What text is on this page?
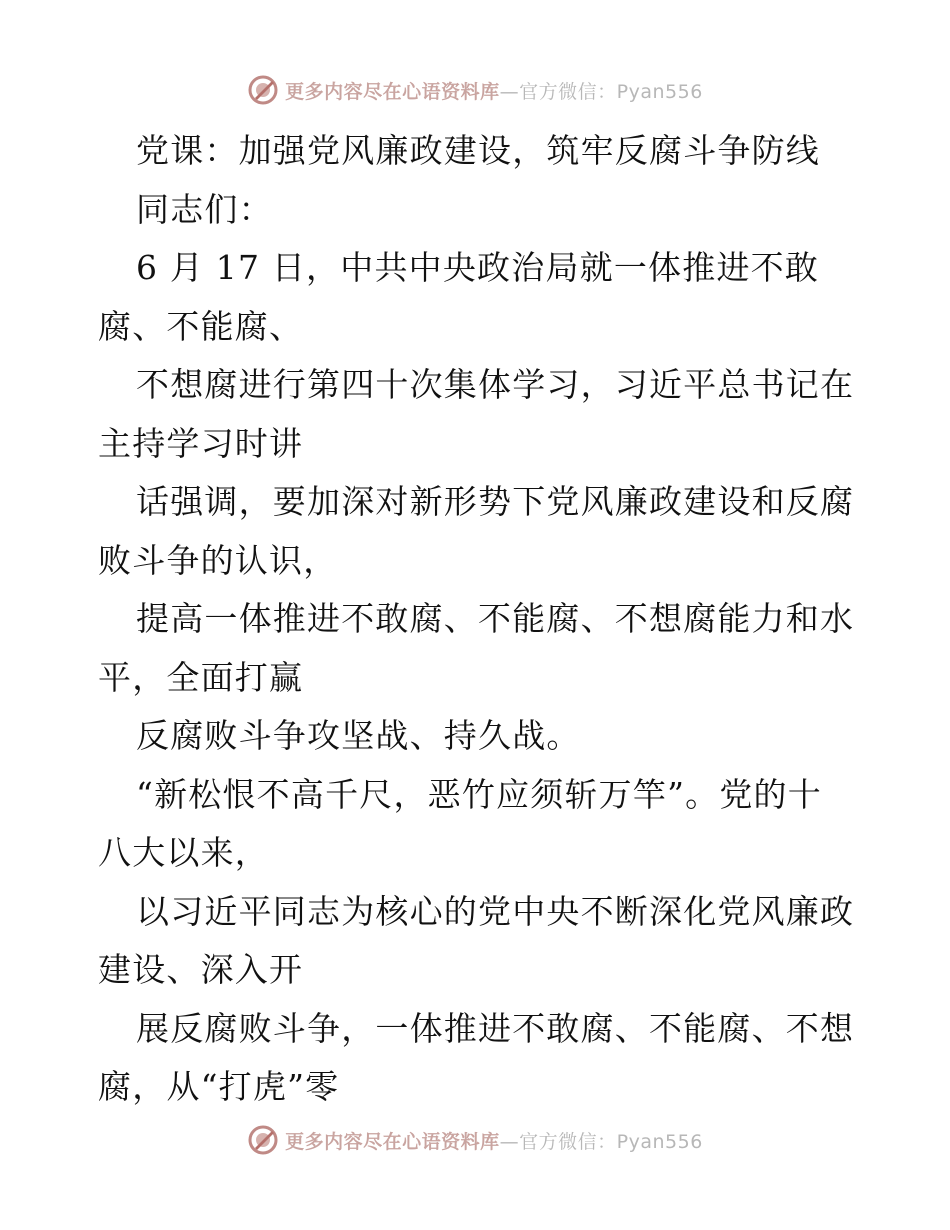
更多内容尽在心语资料库—官方微信：Pyan556
党课：加强党风廉政建设，筑牢反腐斗争防线
同志们：
6 月 17 日，中共中央政治局就一体推进不敢
腐、不能腐、
不想腐进行第四十次集体学习，习近平总书记在
主持学习时讲
话强调，要加深对新形势下党风廉政建设和反腐
败斗争的认识，
提高一体推进不敢腐、不能腐、不想腐能力和水
平，全面打赢
反腐败斗争攻坚战、持久战。
“新松恨不高千尺，恶竹应须斩万竿”。党的十
八大以来，
以习近平同志为核心的党中央不断深化党风廉政
建设、深入开
展反腐败斗争，一体推进不敢腐、不能腐、不想
腐，从“打虎”零
更多内容尽在心语资料库—官方微信：Pyan556
